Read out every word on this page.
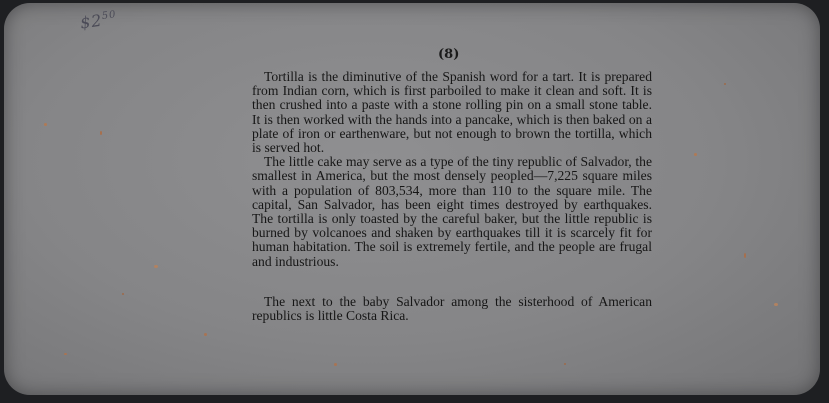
$\$2^{50}$
(8)

Tortilla is the diminutive of the Spanish word for a tart. It is prepared from Indian corn, which is first parboiled to make it clean and soft. It is then crushed into a paste with a stone rolling pin on a small stone table. It is then worked with the hands into a pancake, which is then baked on a plate of iron or earthenware, but not enough to brown the tortilla, which is served hot.

The little cake may serve as a type of the tiny republic of Salvador, the smallest in America, but the most densely peopled—7,225 square miles with a population of 803,534, more than 110 to the square mile. The capital, San Salvador, has been eight times destroyed by earthquakes. The tortilla is only toasted by the careful baker, but the little republic is burned by volcanoes and shaken by earthquakes till it is scarcely fit for human habitation. The soil is extremely fertile, and the people are frugal and industrious.

The next to the baby Salvador among the sisterhood of American republics is little Costa Rica.
